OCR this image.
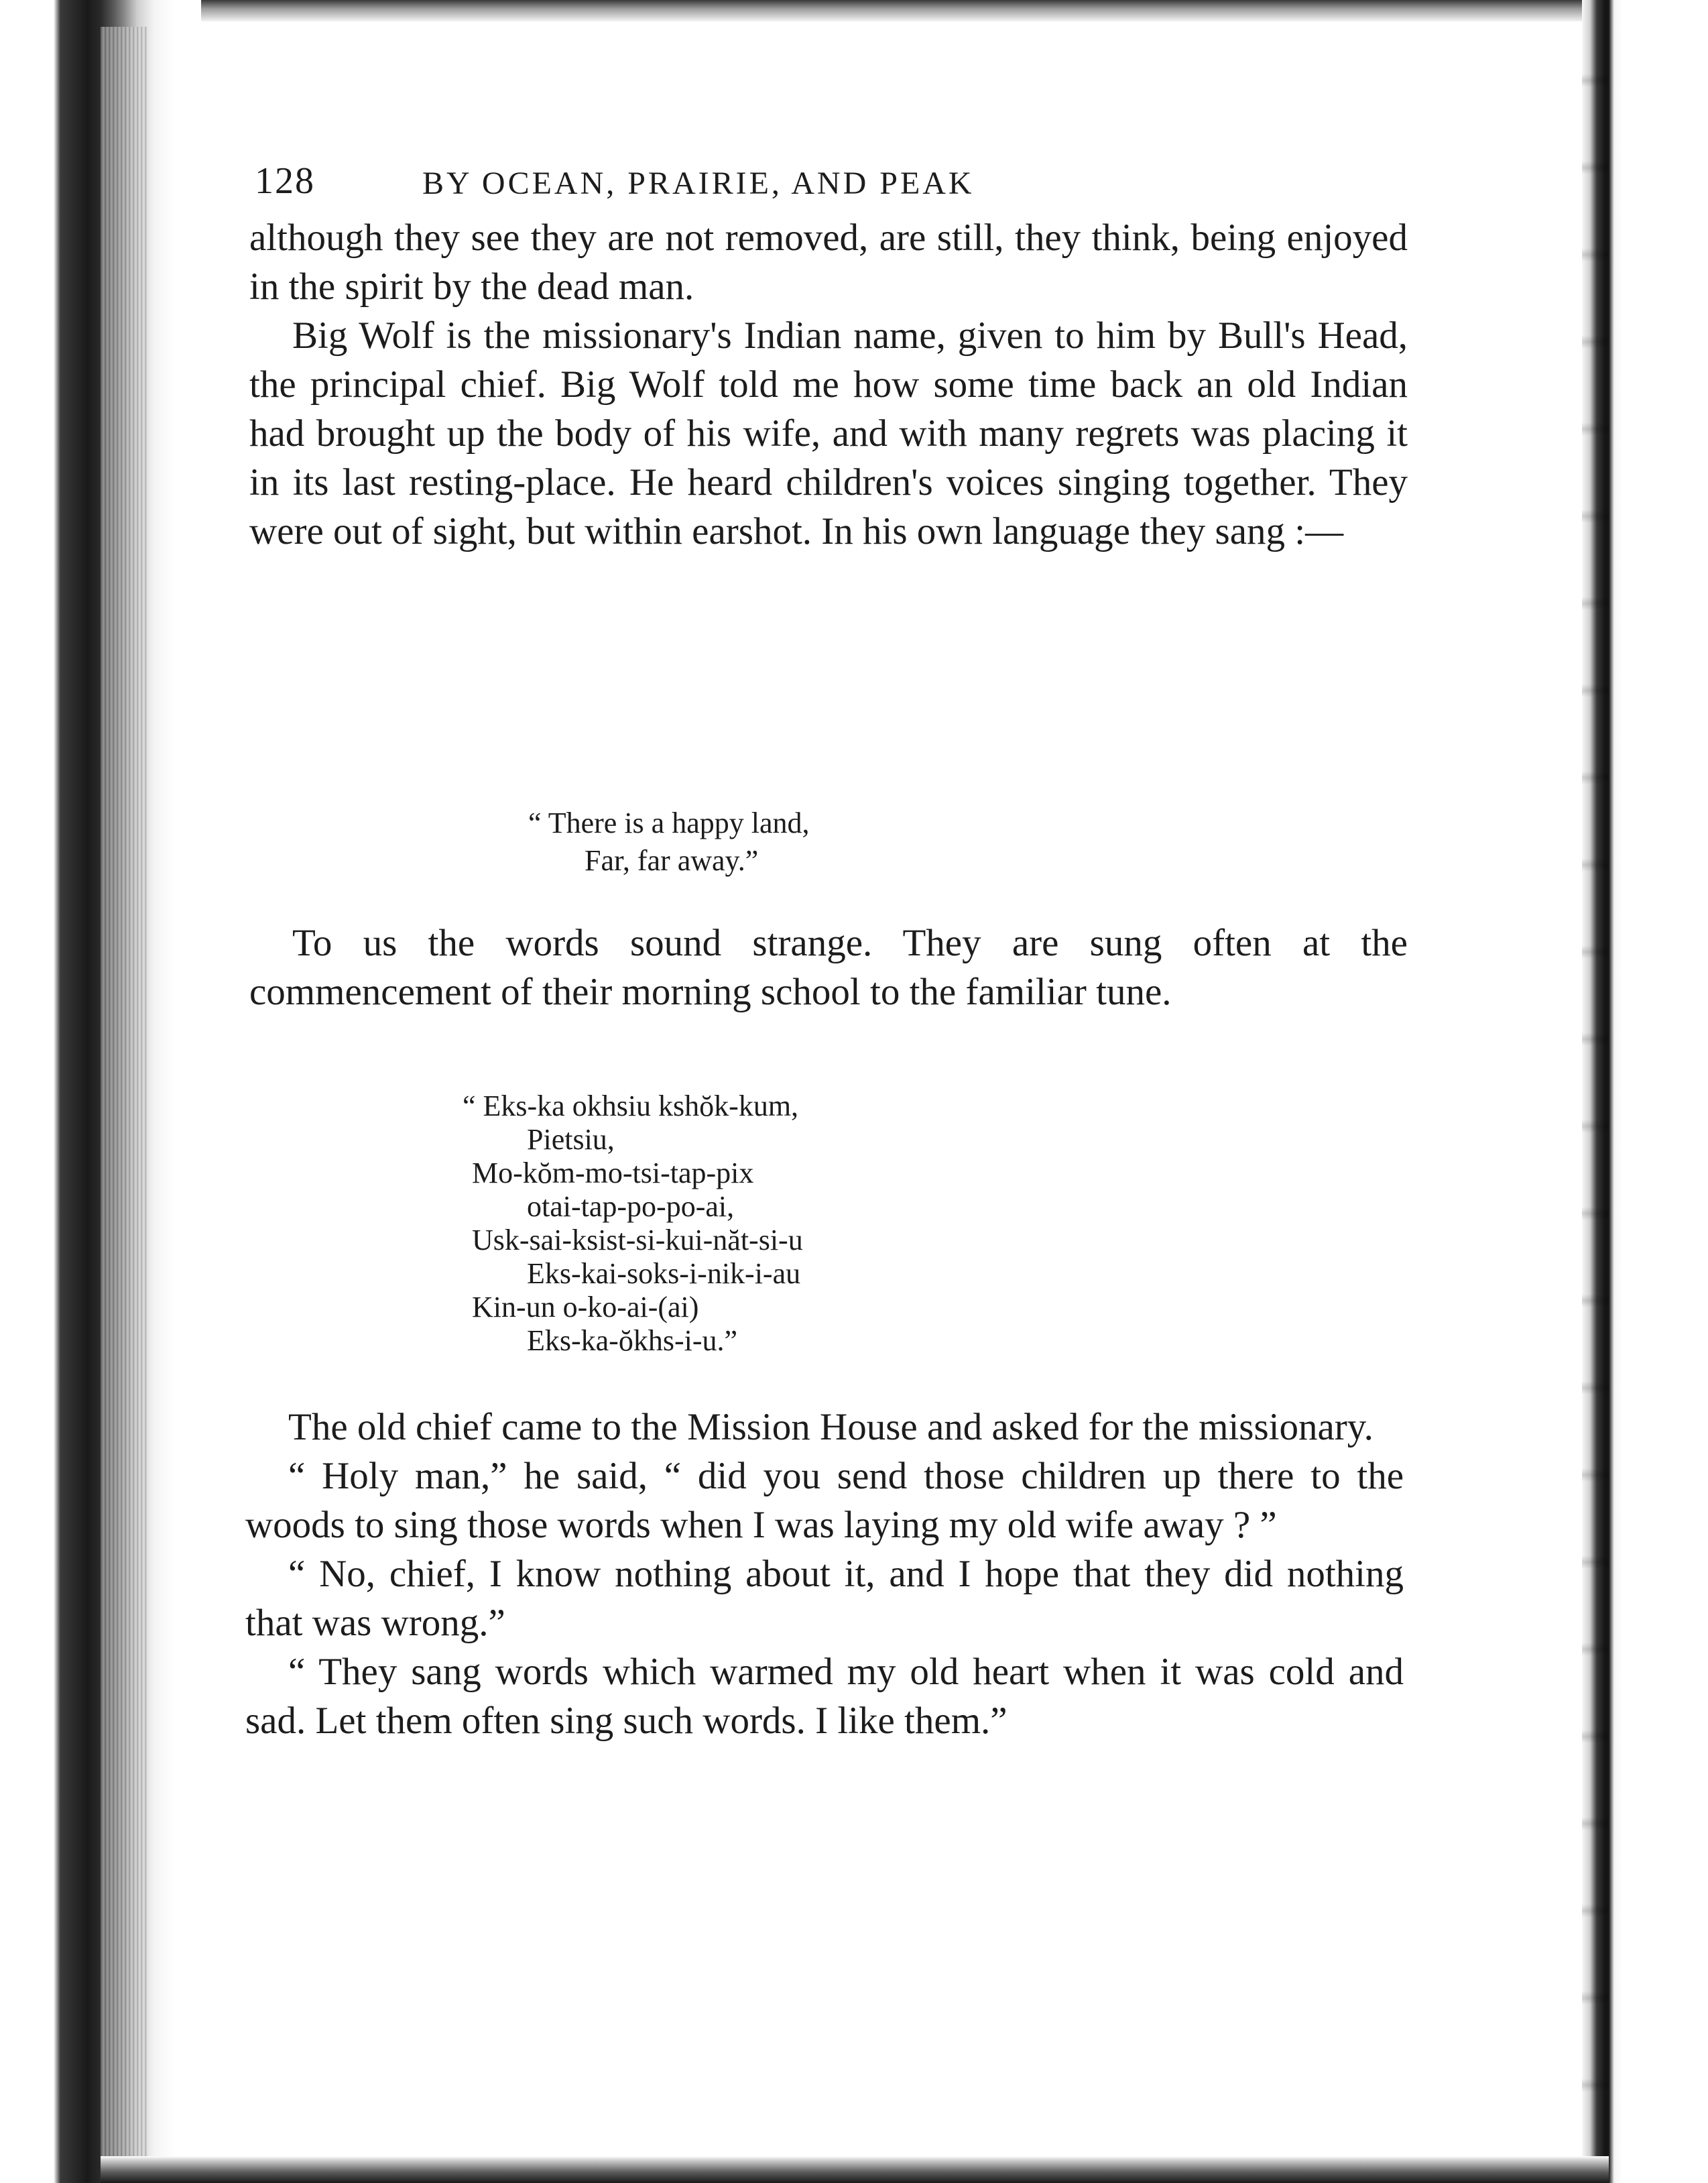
128	BY OCEAN, PRAIRIE, AND PEAK

although they see they are not removed, are still, they think, being enjoyed in the spirit by the dead man.

Big Wolf is the missionary's Indian name, given to him by Bull's Head, the principal chief. Big Wolf told me how some time back an old Indian had brought up the body of his wife, and with many regrets was placing it in its last resting-place. He heard children's voices singing together. They were out of sight, but within earshot. In his own language they sang :—

“ There is a happy land,
Far, far away.”

To us the words sound strange. They are sung often at the commencement of their morning school to the familiar tune.

“ Eks-ka okhsiu kshŏk-kum,
Pietsiu,
Mo-kŏm-mo-tsi-tap-pix
otai-tap-po-po-ai,
Usk-sai-ksist-si-kui-năt-si-u
Eks-kai-soks-i-nik-i-au
Kin-un o-ko-ai-(ai)
Eks-ka-ŏkhs-i-u.”

The old chief came to the Mission House and asked for the missionary.

“ Holy man,” he said, “ did you send those children up there to the woods to sing those words when I was laying my old wife away ? ”

“ No, chief, I know nothing about it, and I hope that they did nothing that was wrong.”

“ They sang words which warmed my old heart when it was cold and sad. Let them often sing such words. I like them.”
